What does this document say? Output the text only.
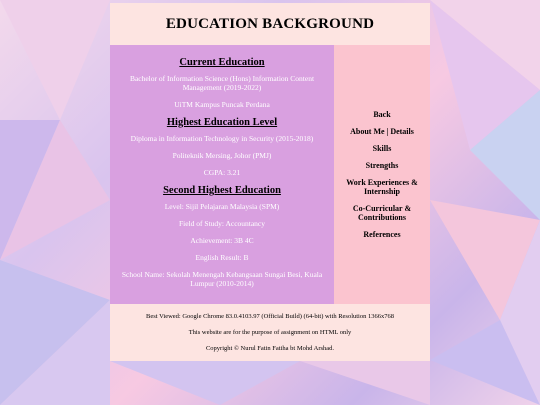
EDUCATION BACKGROUND
Current Education

Bachelor of Information Science (Hons) Information Content Management (2019-2022)

UiTM Kampus Puncak Perdana

Highest Education Level

Diploma in Information Technology in Security (2015-2018)

Politeknik Mersing, Johor (PMJ)

CGPA: 3.21

Second Highest Education

Level: Sijil Pelajaran Malaysia (SPM)

Field of Study: Accountancy

Achievement: 3B 4C

English Result: B

School Name: Sekolah Menengah Kebangsaan Sungai Besi, Kuala Lumpur (2010-2014)

Back
About Me | Details
Skills
Strengths
Work Experiences & Internship
Co-Curricular & Contributions
References

Best Viewed: Google Chrome 83.0.4103.97 (Official Build) (64-bit) with Resolution 1366x768

This website are for the purpose of assignment on HTML only

Copyright © Nurul Fatin Fatiha bt Mohd Arshad.
